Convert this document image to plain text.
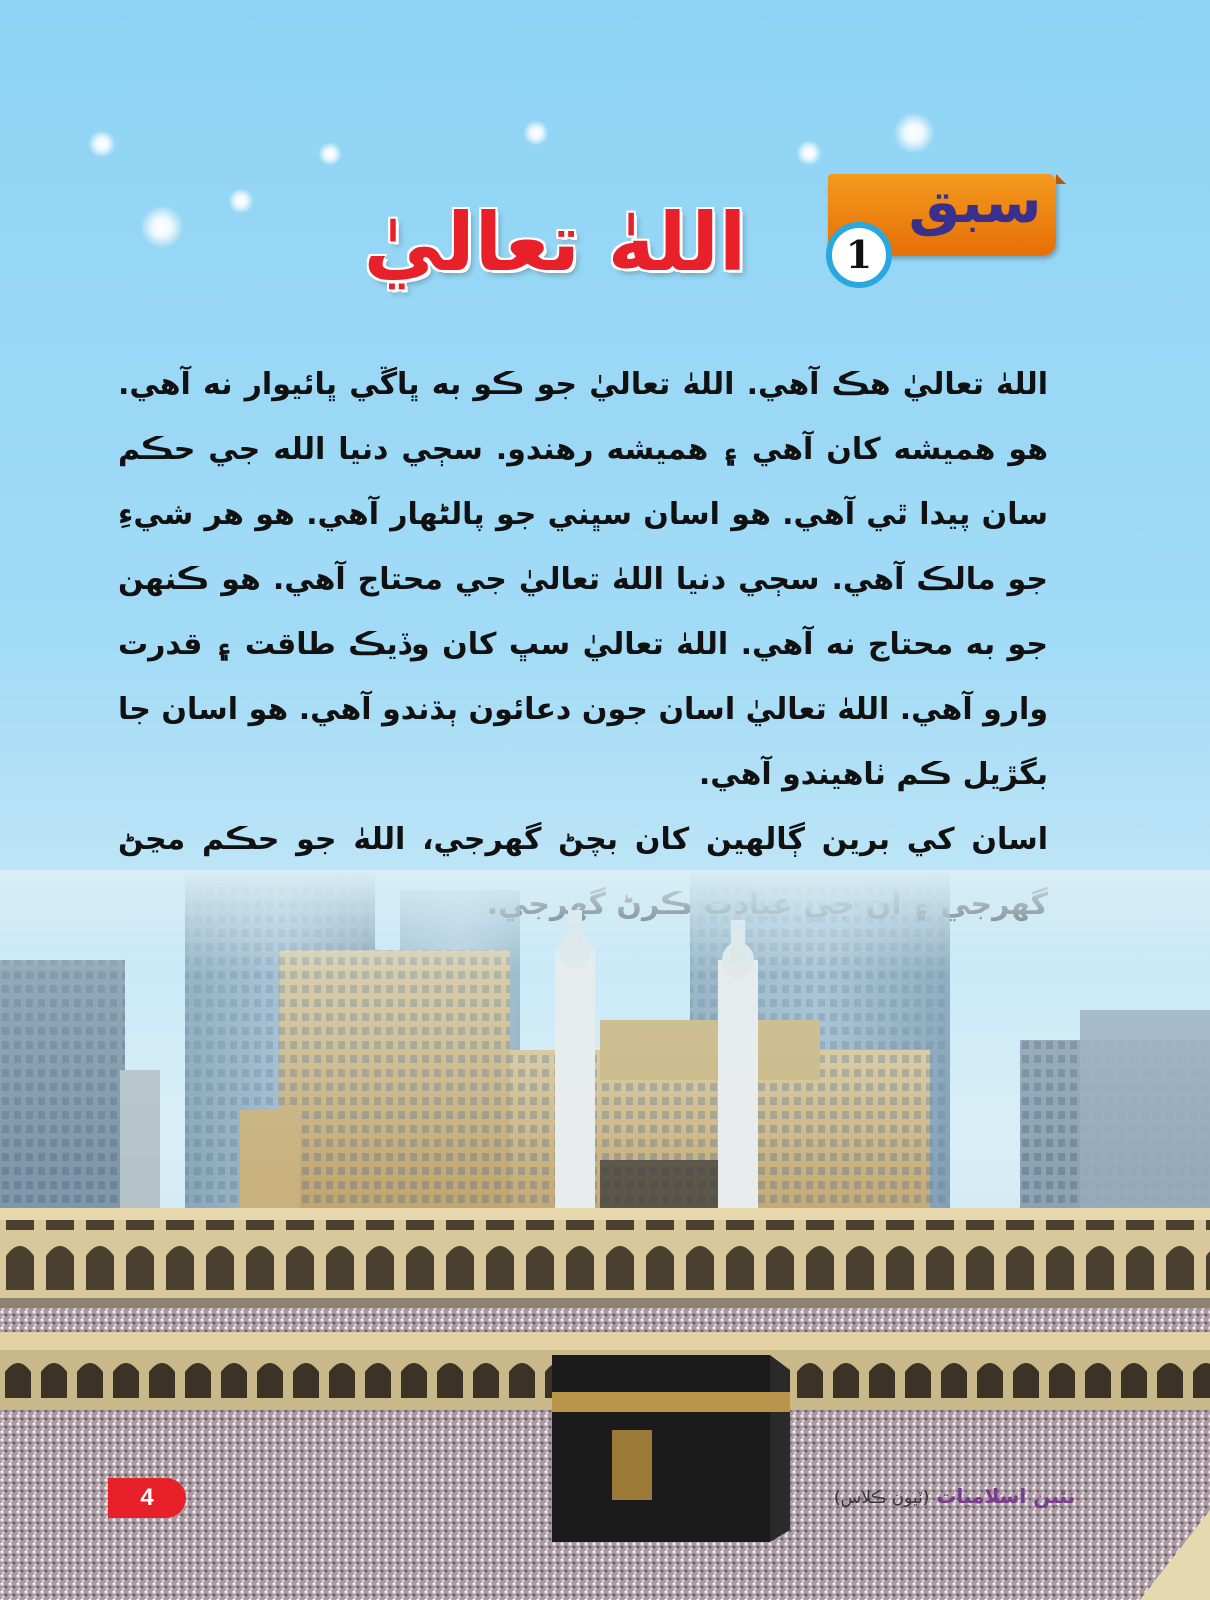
سبق
1
اللهٰ تعاليٰ

اللهٰ تعاليٰ هڪ آهي. اللهٰ تعاليٰ جو ڪو به ڀاڱي ڀائيوار نه آهي. هو هميشه کان آهي ۽ هميشه رهندو. سڄي دنيا الله جي حڪم سان پيدا ٿي آهي. هو اسان سڀني جو پالڻهار آهي. هو هر شيءِ جو مالڪ آهي. سڄي دنيا اللهٰ تعاليٰ جي محتاج آهي. هو ڪنهن جو به محتاج نه آهي. اللهٰ تعاليٰ سڀ کان وڏيڪ طاقت ۽ قدرت وارو آهي. اللهٰ تعاليٰ اسان جون دعائون ٻڌندو آهي. هو اسان جا بگڙيل ڪم ٺاهيندو آهي.

اسان کي برين ڳالهين کان بچڻ گهرجي، اللهٰ جو حڪم مڃڻ

4	نئين اسلاميات (ٽيون ڪلاس)
